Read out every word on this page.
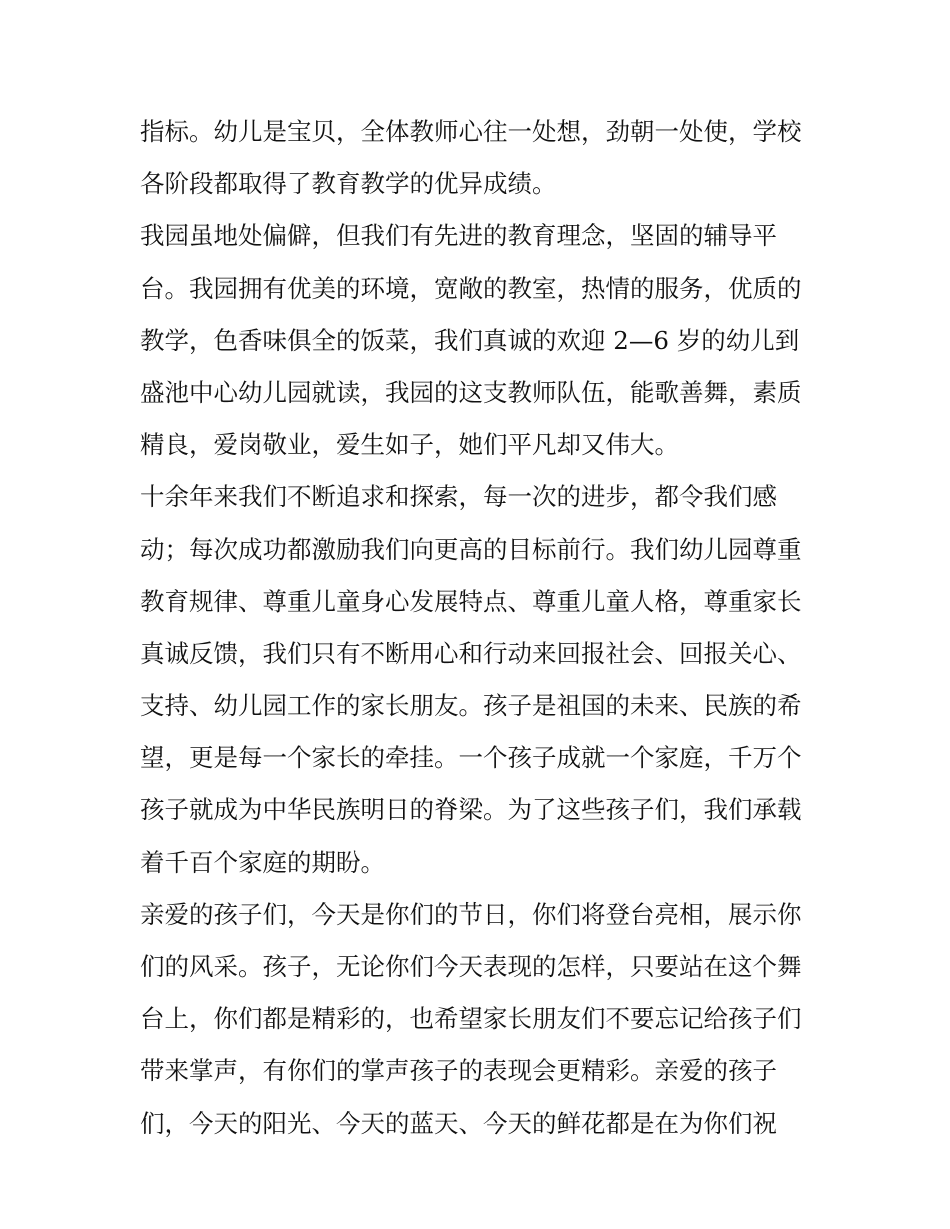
指标。幼儿是宝贝，全体教师心往一处想，劲朝一处使，学校
各阶段都取得了教育教学的优异成绩。
我园虽地处偏僻，但我们有先进的教育理念，坚固的辅导平
台。我园拥有优美的环境，宽敞的教室，热情的服务，优质的
教学，色香味俱全的饭菜，我们真诚的欢迎 2—6 岁的幼儿到
盛池中心幼儿园就读，我园的这支教师队伍，能歌善舞，素质
精良，爱岗敬业，爱生如子，她们平凡却又伟大。
十余年来我们不断追求和探索，每一次的进步，都令我们感
动；每次成功都激励我们向更高的目标前行。我们幼儿园尊重
教育规律、尊重儿童身心发展特点、尊重儿童人格，尊重家长
真诚反馈，我们只有不断用心和行动来回报社会、回报关心、
支持、幼儿园工作的家长朋友。孩子是祖国的未来、民族的希
望，更是每一个家长的牵挂。一个孩子成就一个家庭，千万个
孩子就成为中华民族明日的脊梁。为了这些孩子们，我们承载
着千百个家庭的期盼。
亲爱的孩子们，今天是你们的节日，你们将登台亮相，展示你
们的风采。孩子，无论你们今天表现的怎样，只要站在这个舞
台上，你们都是精彩的，也希望家长朋友们不要忘记给孩子们
带来掌声，有你们的掌声孩子的表现会更精彩。亲爱的孩子
们，今天的阳光、今天的蓝天、今天的鲜花都是在为你们祝
